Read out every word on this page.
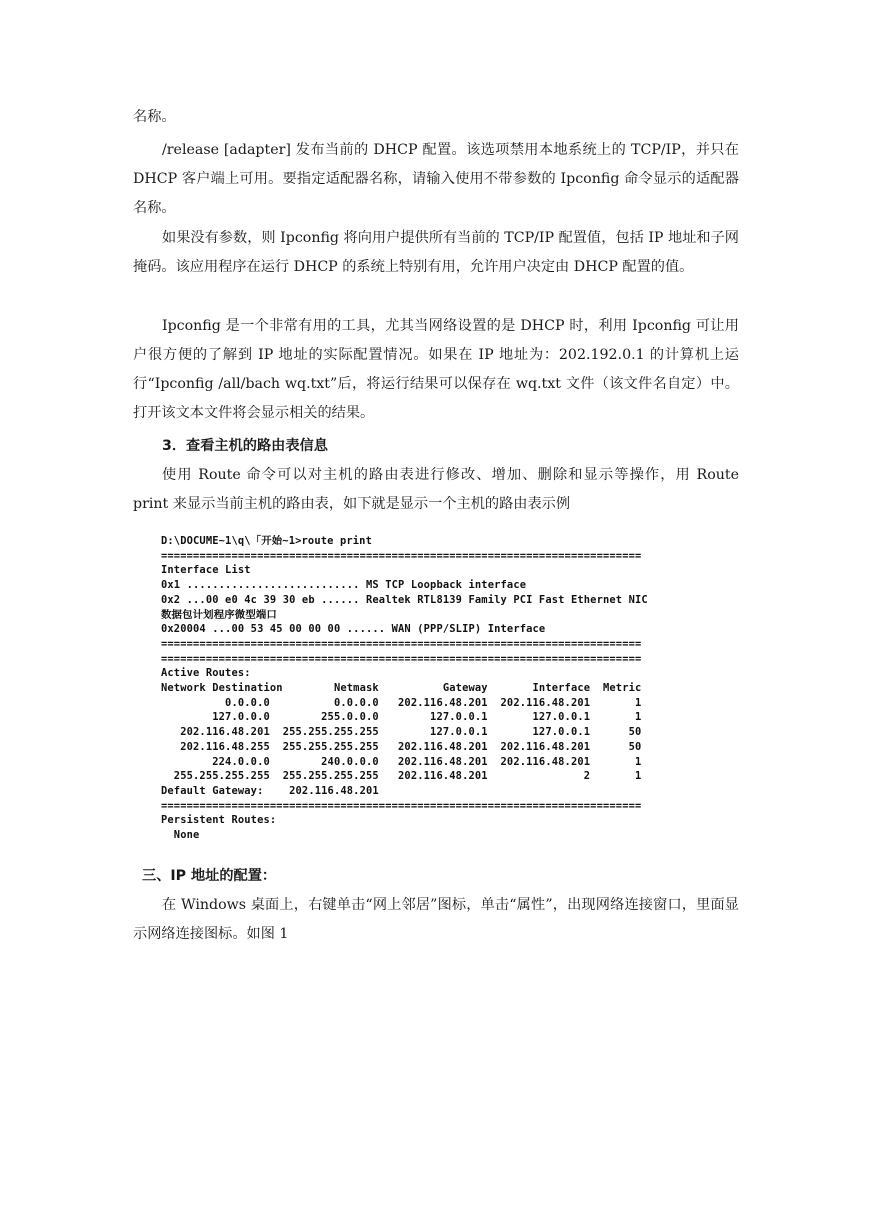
名称。

/release [adapter] 发布当前的 DHCP 配置。该选项禁用本地系统上的 TCP/IP，并只在 DHCP 客户端上可用。要指定适配器名称，请输入使用不带参数的 Ipconfig 命令显示的适配器名称。

如果没有参数，则 Ipconfig 将向用户提供所有当前的 TCP/IP 配置值，包括 IP 地址和子网掩码。该应用程序在运行 DHCP 的系统上特别有用，允许用户决定由 DHCP 配置的值。

Ipconfig 是一个非常有用的工具，尤其当网络设置的是 DHCP 时，利用 Ipconfig 可让用户很方便的了解到 IP 地址的实际配置情况。如果在 IP 地址为：202.192.0.1 的计算机上运行“Ipconfig /all/bach wq.txt”后，将运行结果可以保存在 wq.txt 文件（该文件名自定）中。打开该文本文件将会显示相关的结果。

3．查看主机的路由表信息

使用 Route 命令可以对主机的路由表进行修改、增加、删除和显示等操作，用 Route print 来显示当前主机的路由表，如下就是显示一个主机的路由表示例

D:\DOCUME~1\q\「开始~1>route print
===========================================================================
Interface List
0x1 ........................... MS TCP Loopback interface
0x2 ...00 e0 4c 39 30 eb ...... Realtek RTL8139 Family PCI Fast Ethernet NIC
数据包计划程序微型端口
0x20004 ...00 53 45 00 00 00 ...... WAN (PPP/SLIP) Interface
===========================================================================
===========================================================================
Active Routes:
Network Destination        Netmask          Gateway       Interface  Metric
0.0.0.0          0.0.0.0   202.116.48.201  202.116.48.201       1
127.0.0.0        255.0.0.0        127.0.0.1       127.0.0.1       1
202.116.48.201  255.255.255.255        127.0.0.1       127.0.0.1      50
202.116.48.255  255.255.255.255   202.116.48.201  202.116.48.201      50
224.0.0.0        240.0.0.0   202.116.48.201  202.116.48.201       1
255.255.255.255  255.255.255.255   202.116.48.201               2       1
Default Gateway:    202.116.48.201
===========================================================================
Persistent Routes:
None
三、IP 地址的配置：

在 Windows 桌面上，右键单击“网上邻居”图标，单击“属性”，出现网络连接窗口，里面显示网络连接图标。如图 1
